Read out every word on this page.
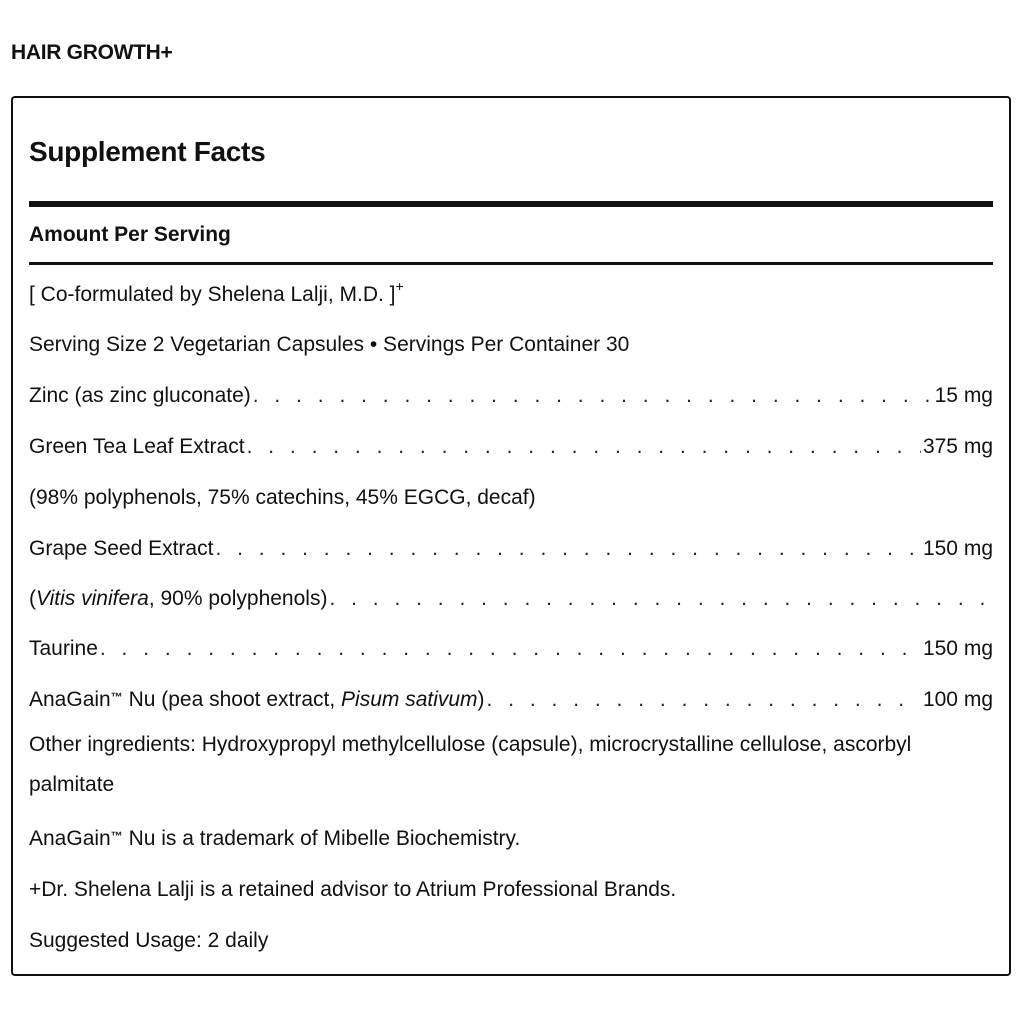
HAIR GROWTH+
Supplement Facts
Amount Per Serving
[ Co-formulated by Shelena Lalji, M.D. ]+
Serving Size 2 Vegetarian Capsules • Servings Per Container 30
Zinc (as zinc gluconate) . . .	15 mg
Green Tea Leaf Extract . . .	375 mg
(98% polyphenols, 75% catechins, 45% EGCG, decaf)
Grape Seed Extract . . .	150 mg
(Vitis vinifera, 90% polyphenols)
. . .
Taurine . . .	150 mg
AnaGain™ Nu (pea shoot extract, Pisum sativum) . . .	100 mg
Other ingredients: Hydroxypropyl methylcellulose (capsule), microcrystalline cellulose, ascorbyl palmitate
AnaGain™ Nu is a trademark of Mibelle Biochemistry.
+Dr. Shelena Lalji is a retained advisor to Atrium Professional Brands.
Suggested Usage: 2 daily
